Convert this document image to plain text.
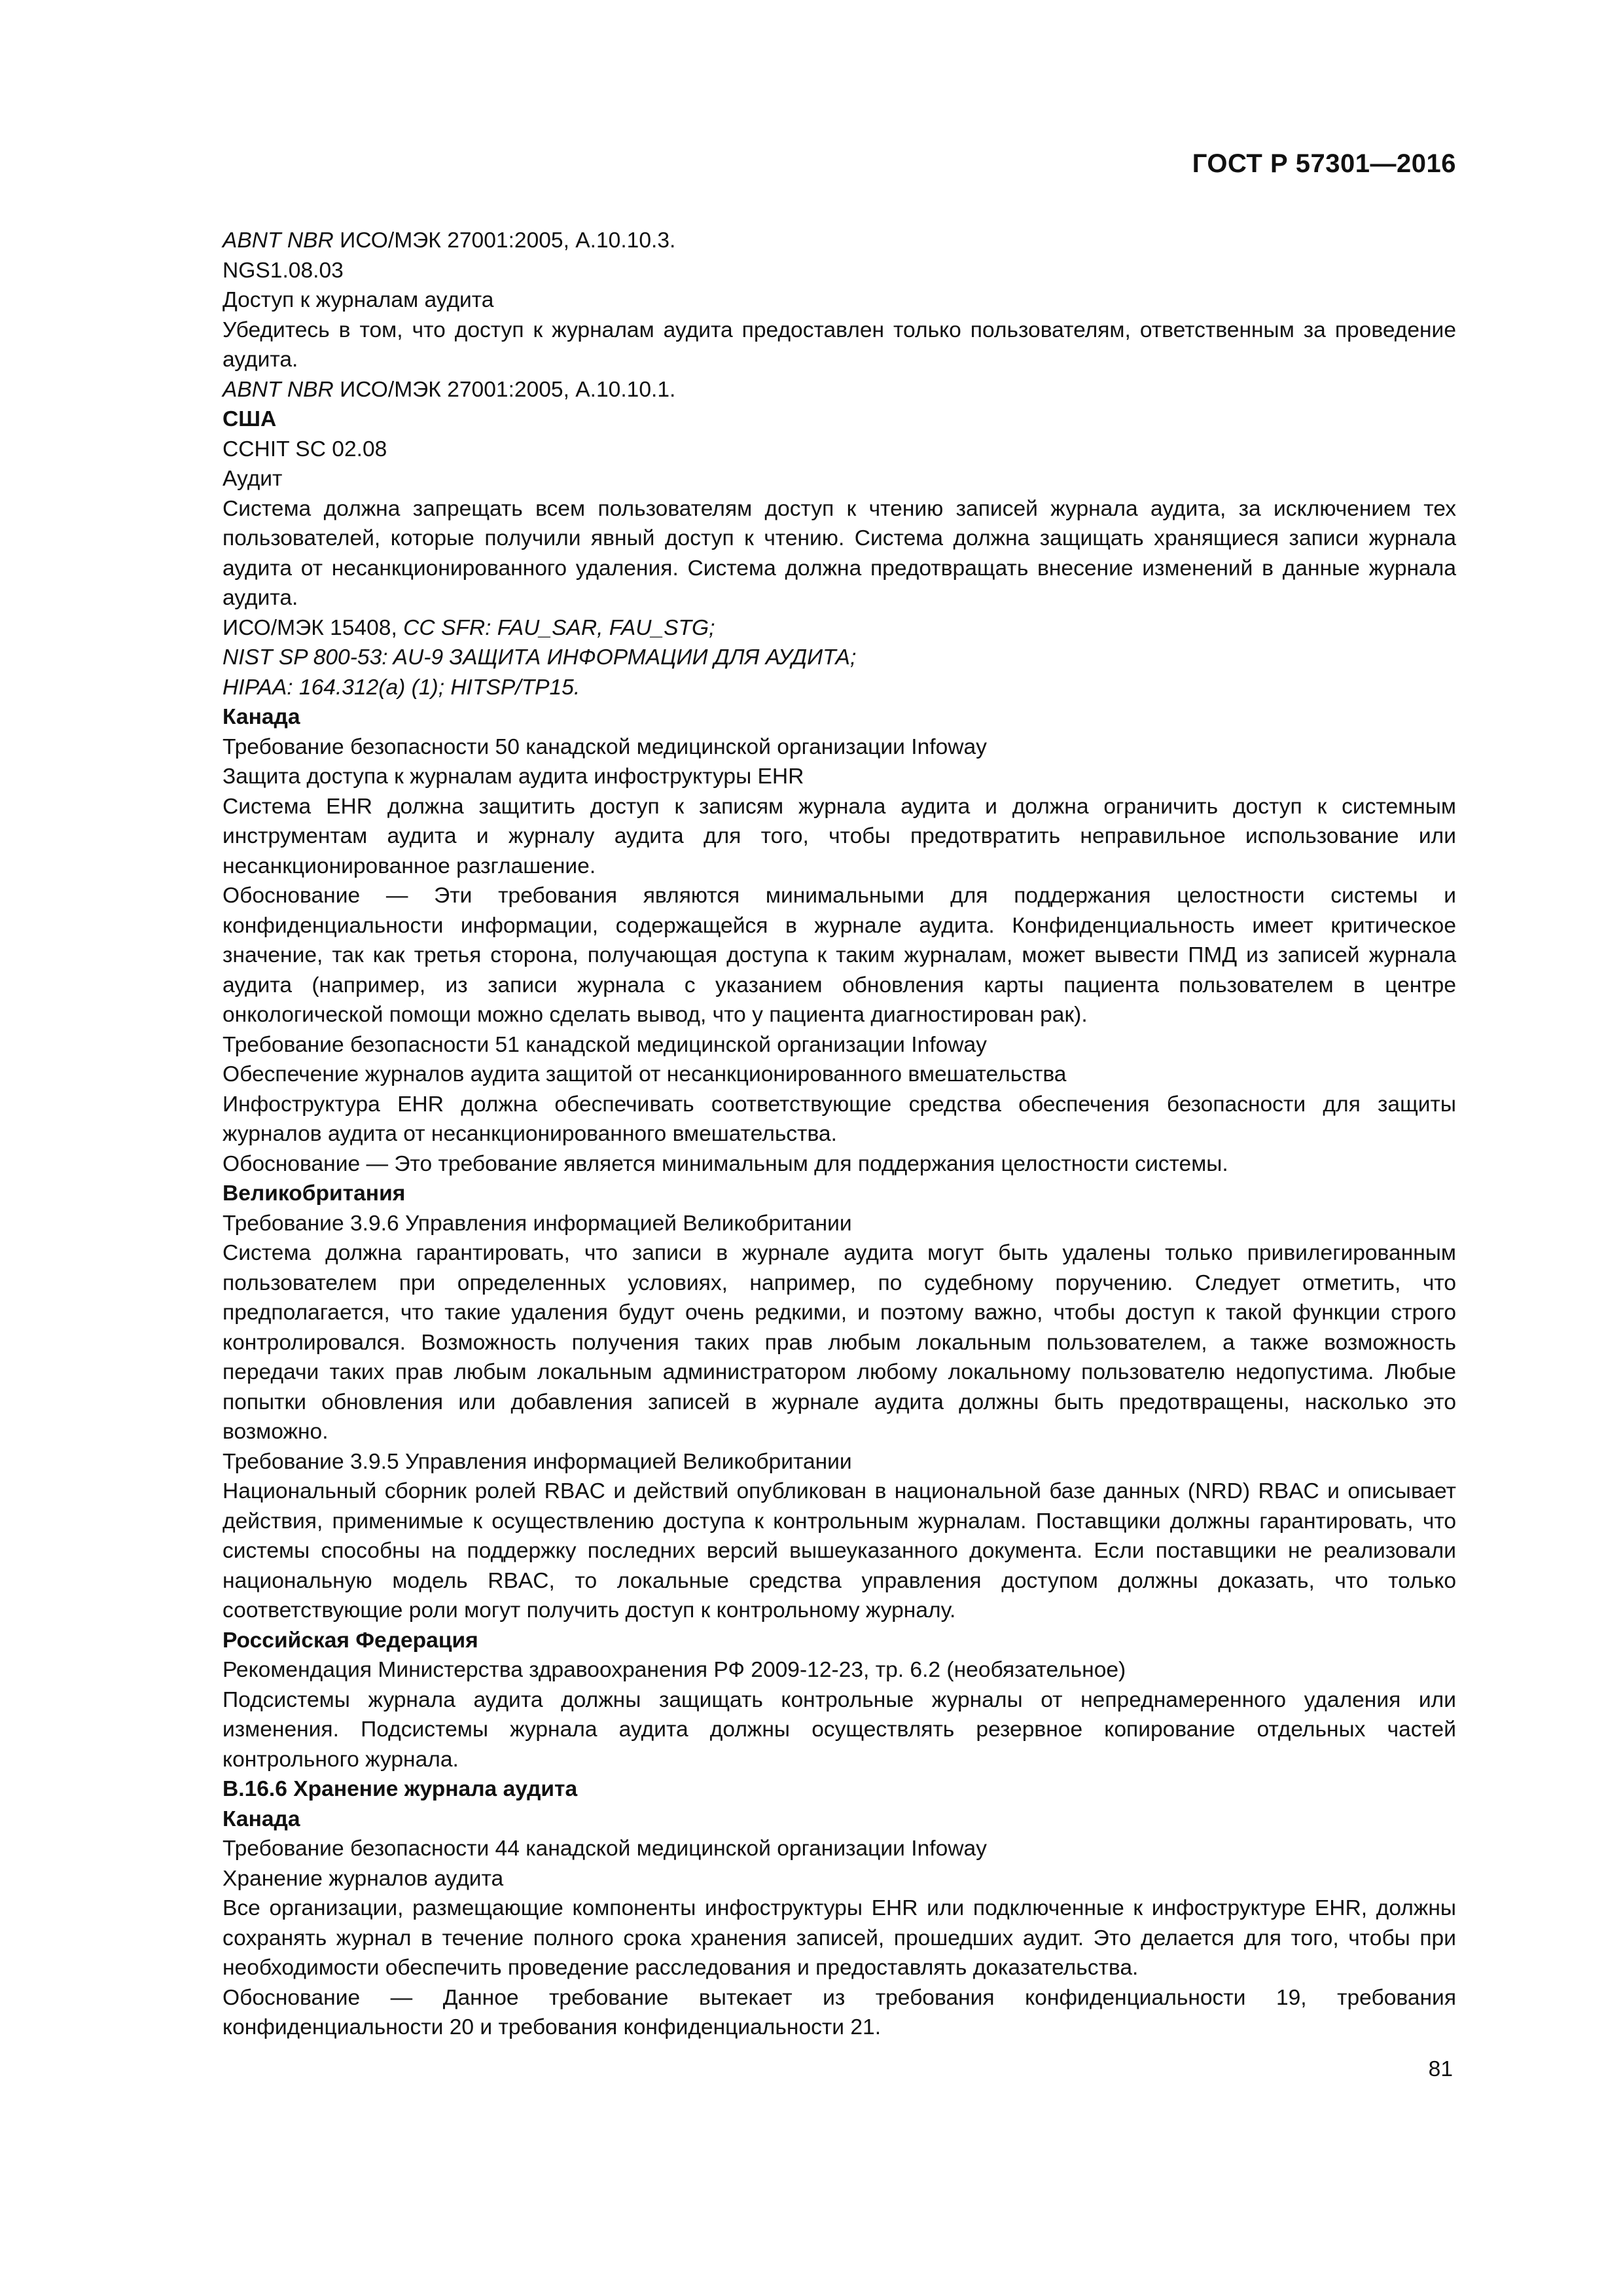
ГОСТ Р 57301—2016

ABNT NBR ИСО/МЭК 27001:2005, А.10.10.3.

NGS1.08.03

Доступ к журналам аудита

Убедитесь в том, что доступ к журналам аудита предоставлен только пользователям, ответственным за проведение аудита.

ABNT NBR ИСО/МЭК 27001:2005, А.10.10.1.

США

CCHIT SC 02.08

Аудит

Система должна запрещать всем пользователям доступ к чтению записей журнала аудита, за исключением тех пользователей, которые получили явный доступ к чтению. Система должна защищать хранящиеся записи журнала аудита от несанкционированного удаления. Система должна предотвращать внесение изменений в данные журнала аудита.

ИСО/МЭК 15408, CC SFR: FAU_SAR, FAU_STG;

NIST SP 800-53: AU-9 ЗАЩИТА ИНФОРМАЦИИ ДЛЯ АУДИТА;

HIPAA: 164.312(a) (1); HITSP/TP15.

Канада

Требование безопасности 50 канадской медицинской организации Infoway

Защита доступа к журналам аудита инфоструктуры EHR

Система EHR должна защитить доступ к записям журнала аудита и должна ограничить доступ к системным инструментам аудита и журналу аудита для того, чтобы предотвратить неправильное использование или несанкционированное разглашение.

Обоснование — Эти требования являются минимальными для поддержания целостности системы и конфиденциальности информации, содержащейся в журнале аудита. Конфиденциальность имеет критическое значение, так как третья сторона, получающая доступа к таким журналам, может вывести ПМД из записей журнала аудита (например, из записи журнала с указанием обновления карты пациента пользователем в центре онкологической помощи можно сделать вывод, что у пациента диагностирован рак).

Требование безопасности 51 канадской медицинской организации Infoway

Обеспечение журналов аудита защитой от несанкционированного вмешательства

Инфоструктура EHR должна обеспечивать соответствующие средства обеспечения безопасности для защиты журналов аудита от несанкционированного вмешательства.

Обоснование — Это требование является минимальным для поддержания целостности системы.

Великобритания

Требование 3.9.6 Управления информацией Великобритании

Система должна гарантировать, что записи в журнале аудита могут быть удалены только привилегированным пользователем при определенных условиях, например, по судебному поручению. Следует отметить, что предполагается, что такие удаления будут очень редкими, и поэтому важно, чтобы доступ к такой функции строго контролировался. Возможность получения таких прав любым локальным пользователем, а также возможность передачи таких прав любым локальным администратором любому локальному пользователю недопустима. Любые попытки обновления или добавления записей в журнале аудита должны быть предотвращены, насколько это возможно.

Требование 3.9.5 Управления информацией Великобритании

Национальный сборник ролей RBAC и действий опубликован в национальной базе данных (NRD) RBAC и описывает действия, применимые к осуществлению доступа к контрольным журналам. Поставщики должны гарантировать, что системы способны на поддержку последних версий вышеуказанного документа. Если поставщики не реализовали национальную модель RBAC, то локальные средства управления доступом должны доказать, что только соответствующие роли могут получить доступ к контрольному журналу.

Российская Федерация

Рекомендация Министерства здравоохранения РФ 2009-12-23, тр. 6.2 (необязательное)

Подсистемы журнала аудита должны защищать контрольные журналы от непреднамеренного удаления или изменения. Подсистемы журнала аудита должны осуществлять резервное копирование отдельных частей контрольного журнала.

B.16.6 Хранение журнала аудита

Канада

Требование безопасности 44 канадской медицинской организации Infoway

Хранение журналов аудита

Все организации, размещающие компоненты инфоструктуры EHR или подключенные к инфоструктуре EHR, должны сохранять журнал в течение полного срока хранения записей, прошедших аудит. Это делается для того, чтобы при необходимости обеспечить проведение расследования и предоставлять доказательства.

Обоснование — Данное требование вытекает из требования конфиденциальности 19, требования конфиденциальности 20 и требования конфиденциальности 21.

81
